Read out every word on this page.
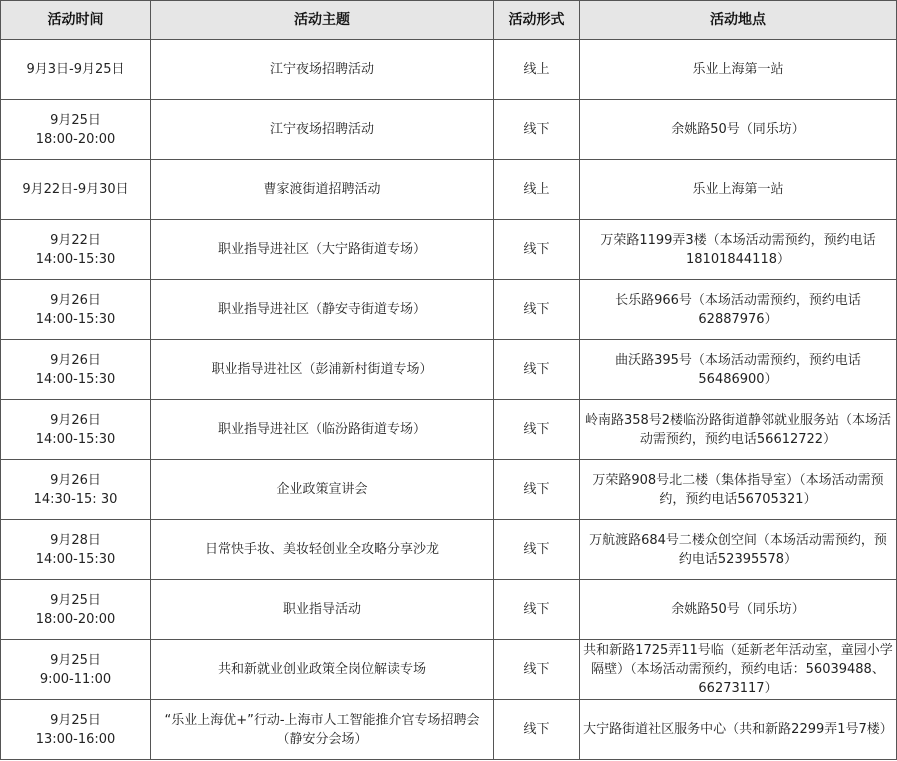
活动时间	活动主题	活动形式	活动地点

9月3日-9月25日	江宁夜场招聘活动	线上	乐业上海第一站

9月25日
18:00-20:00	江宁夜场招聘活动	线下	余姚路50号（同乐坊）

9月22日-9月30日	曹家渡街道招聘活动	线上	乐业上海第一站

9月22日
14:00-15:30	职业指导进社区（大宁路街道专场）	线下	万荣路1199弄3楼（本场活动需预约，预约电话18101844118）

9月26日
14:00-15:30	职业指导进社区（静安寺街道专场）	线下	长乐路966号（本场活动需预约，预约电话62887976）

9月26日
14:00-15:30	职业指导进社区（彭浦新村街道专场）	线下	曲沃路395号（本场活动需预约，预约电话56486900）

9月26日
14:00-15:30	职业指导进社区（临汾路街道专场）	线下	岭南路358号2楼临汾路街道静邻就业服务站（本场活动需预约，预约电话56612722）

9月26日
14:30-15: 30	企业政策宣讲会	线下	万荣路908号北二楼（集体指导室）（本场活动需预约，预约电话56705321）

9月28日
14:00-15:30	日常快手妆、美妆轻创业全攻略分享沙龙	线下	万航渡路684号二楼众创空间（本场活动需预约，预约电话52395578）

9月25日
18:00-20:00	职业指导活动	线下	余姚路50号（同乐坊）

9月25日
9:00-11:00	共和新就业创业政策全岗位解读专场	线下	共和新路1725弄11号临（延新老年活动室，童园小学隔壁）（本场活动需预约，预约电话：56039488、66273117）

9月25日
13:00-16:00	“乐业上海优+”行动-上海市人工智能推介官专场招聘会（静安分会场）	线下	大宁路街道社区服务中心（共和新路2299弄1号7楼）
